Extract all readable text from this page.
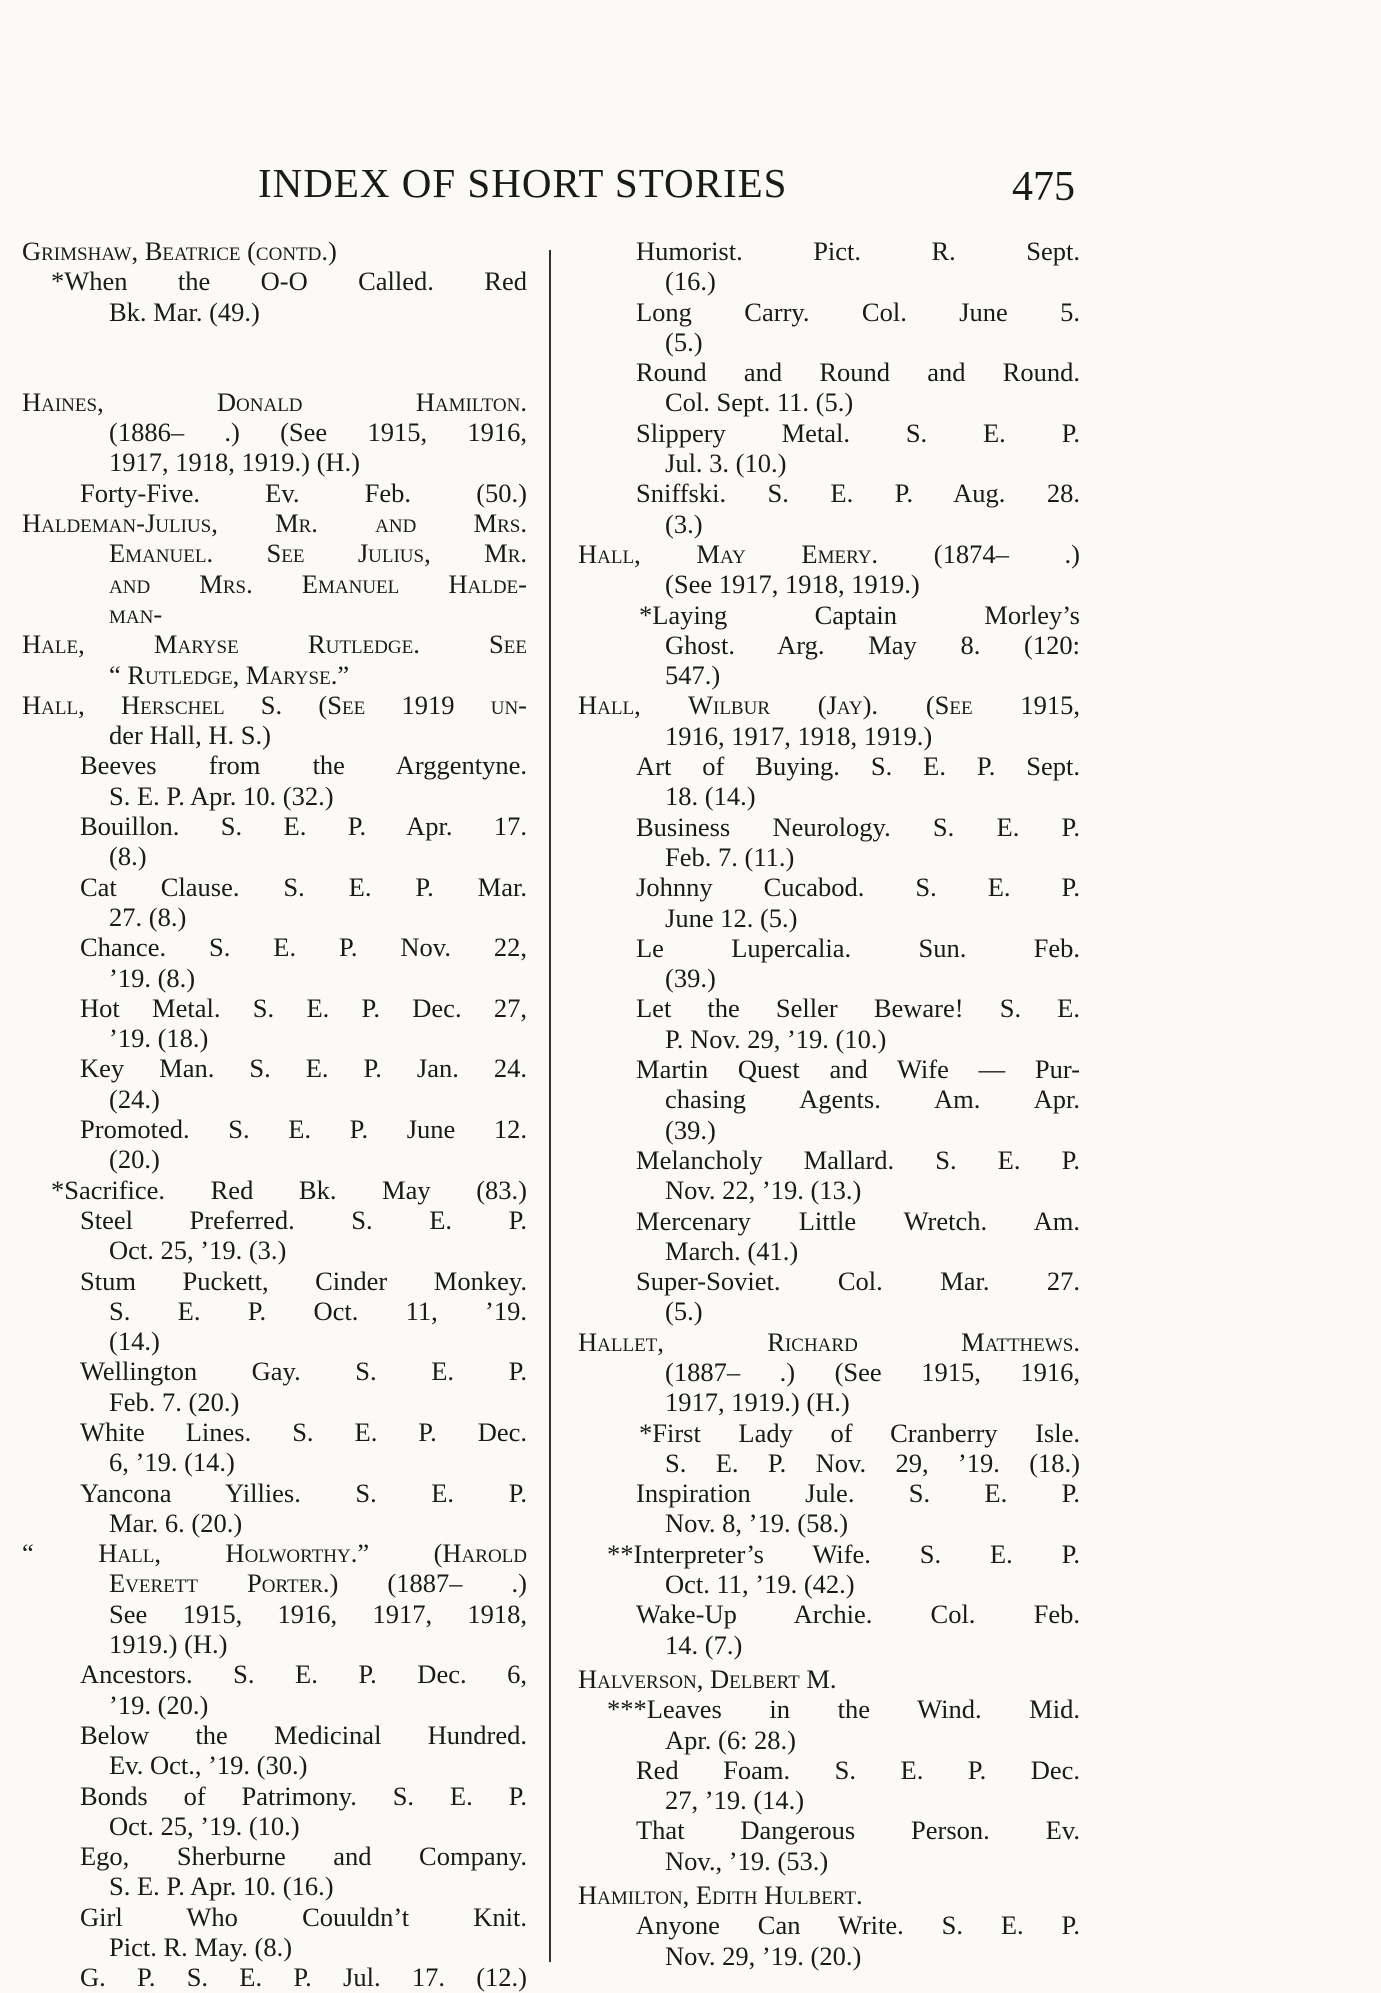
INDEX OF SHORT STORIES	475
Grimshaw, Beatrice (contd.)
*When the O-O Called. Red
Bk. Mar. (49.)
Haines, Donald Hamilton.
(1886– .) (See 1915, 1916,
1917, 1918, 1919.) (H.)
Forty-Five. Ev. Feb. (50.)
Haldeman-Julius, Mr. and Mrs.
Emanuel. See Julius, Mr.
and Mrs. Emanuel Halde-
man-
Hale, Maryse Rutledge. See
“ Rutledge, Maryse.”
Hall, Herschel S. (See 1919 un-
der Hall, H. S.)
Beeves from the Arggentyne.
S. E. P. Apr. 10. (32.)
Bouillon. S. E. P. Apr. 17.
(8.)
Cat Clause. S. E. P. Mar.
27. (8.)
Chance. S. E. P. Nov. 22,
’19. (8.)
Hot Metal. S. E. P. Dec. 27,
’19. (18.)
Key Man. S. E. P. Jan. 24.
(24.)
Promoted. S. E. P. June 12.
(20.)
*Sacrifice. Red Bk. May (83.)
Steel Preferred. S. E. P.
Oct. 25, ’19. (3.)
Stum Puckett, Cinder Monkey.
S. E. P. Oct. 11, ’19.
(14.)
Wellington Gay. S. E. P.
Feb. 7. (20.)
White Lines. S. E. P. Dec.
6, ’19. (14.)
Yancona Yillies. S. E. P.
Mar. 6. (20.)
“ Hall, Holworthy.” (Harold
Everett Porter.) (1887– .)
See 1915, 1916, 1917, 1918,
1919.) (H.)
Ancestors. S. E. P. Dec. 6,
’19. (20.)
Below the Medicinal Hundred.
Ev. Oct., ’19. (30.)
Bonds of Patrimony. S. E. P.
Oct. 25, ’19. (10.)
Ego, Sherburne and Company.
S. E. P. Apr. 10. (16.)
Girl Who Couuldn’t Knit.
Pict. R. May. (8.)
G. P. S. E. P. Jul. 17. (12.)
Humorist. Pict. R. Sept.
(16.)
Long Carry. Col. June 5.
(5.)
Round and Round and Round.
Col. Sept. 11. (5.)
Slippery Metal. S. E. P.
Jul. 3. (10.)
Sniffski. S. E. P. Aug. 28.
(3.)
Hall, May Emery. (1874– .)
(See 1917, 1918, 1919.)
*Laying Captain Morley’s
Ghost. Arg. May 8. (120:
547.)
Hall, Wilbur (Jay). (See 1915,
1916, 1917, 1918, 1919.)
Art of Buying. S. E. P. Sept.
18. (14.)
Business Neurology. S. E. P.
Feb. 7. (11.)
Johnny Cucabod. S. E. P.
June 12. (5.)
Le Lupercalia. Sun. Feb.
(39.)
Let the Seller Beware! S. E.
P. Nov. 29, ’19. (10.)
Martin Quest and Wife — Pur-
chasing Agents. Am. Apr.
(39.)
Melancholy Mallard. S. E. P.
Nov. 22, ’19. (13.)
Mercenary Little Wretch. Am.
March. (41.)
Super-Soviet. Col. Mar. 27.
(5.)
Hallet, Richard Matthews.
(1887– .) (See 1915, 1916,
1917, 1919.) (H.)
*First Lady of Cranberry Isle.
S. E. P. Nov. 29, ’19. (18.)
Inspiration Jule. S. E. P.
Nov. 8, ’19. (58.)
**Interpreter’s Wife. S. E. P.
Oct. 11, ’19. (42.)
Wake-Up Archie. Col. Feb.
14. (7.)
Halverson, Delbert M.
***Leaves in the Wind. Mid.
Apr. (6: 28.)
Red Foam. S. E. P. Dec.
27, ’19. (14.)
That Dangerous Person. Ev.
Nov., ’19. (53.)
Hamilton, Edith Hulbert.
Anyone Can Write. S. E. P.
Nov. 29, ’19. (20.)
